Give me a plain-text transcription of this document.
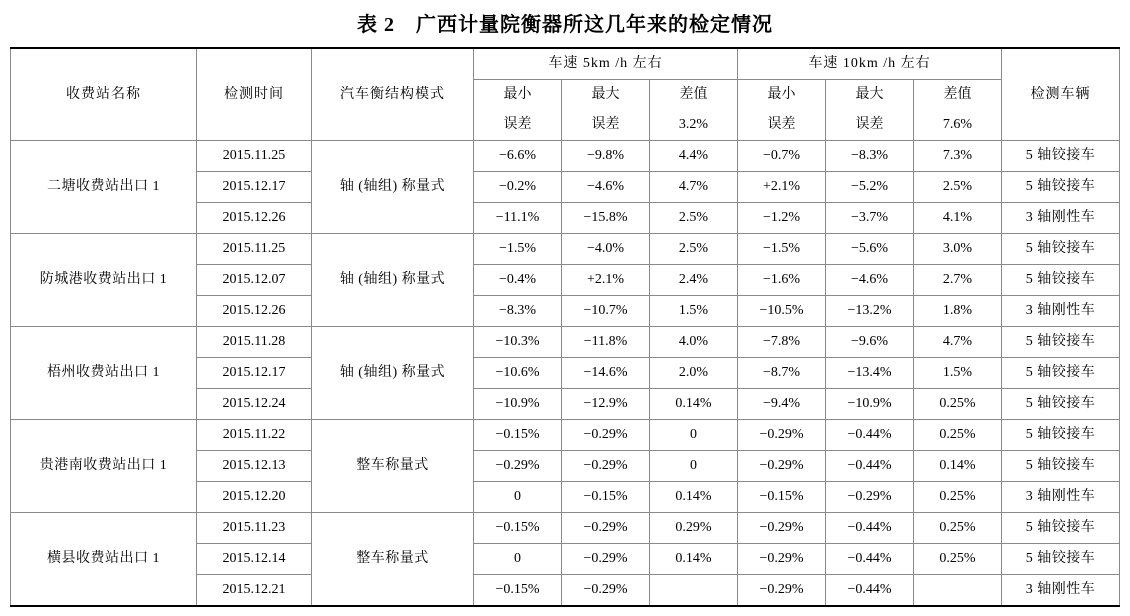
表 2　广西计量院衡器所这几年来的检定情况
收费站名称	检测时间	汽车衡结构模式	车速 5km /h 左右			车速 10km /h 左右			检测车辆
			最小	最大	差值	最小	最大	差值	
			误差	误差	3.2%	误差	误差	7.6%	
二塘收费站出口 1	2015.11.25	轴 (轴组) 称量式	−6.6%	−9.8%	4.4%	−0.7%	−8.3%	7.3%	5 轴铰接车
	2015.12.17		−0.2%	−4.6%	4.7%	+2.1%	−5.2%	2.5%	5 轴铰接车
	2015.12.26		−11.1%	−15.8%	2.5%	−1.2%	−3.7%	4.1%	3 轴刚性车
防城港收费站出口 1	2015.11.25	轴 (轴组) 称量式	−1.5%	−4.0%	2.5%	−1.5%	−5.6%	3.0%	5 轴铰接车
	2015.12.07		−0.4%	+2.1%	2.4%	−1.6%	−4.6%	2.7%	5 轴铰接车
	2015.12.26		−8.3%	−10.7%	1.5%	−10.5%	−13.2%	1.8%	3 轴刚性车
梧州收费站出口 1	2015.11.28	轴 (轴组) 称量式	−10.3%	−11.8%	4.0%	−7.8%	−9.6%	4.7%	5 轴铰接车
	2015.12.17		−10.6%	−14.6%	2.0%	−8.7%	−13.4%	1.5%	5 轴铰接车
	2015.12.24		−10.9%	−12.9%	0.14%	−9.4%	−10.9%	0.25%	5 轴铰接车
贵港南收费站出口 1	2015.11.22	整车称量式	−0.15%	−0.29%	0	−0.29%	−0.44%	0.25%	5 轴铰接车
	2015.12.13		−0.29%	−0.29%	0	−0.29%	−0.44%	0.14%	5 轴铰接车
	2015.12.20		0	−0.15%	0.14%	−0.15%	−0.29%	0.25%	3 轴刚性车
横县收费站出口 1	2015.11.23	整车称量式	−0.15%	−0.29%	0.29%	−0.29%	−0.44%	0.25%	5 轴铰接车
	2015.12.14		0	−0.29%	0.14%	−0.29%	−0.44%	0.25%	5 轴铰接车
	2015.12.21		−0.15%	−0.29%		−0.29%	−0.44%		3 轴刚性车
